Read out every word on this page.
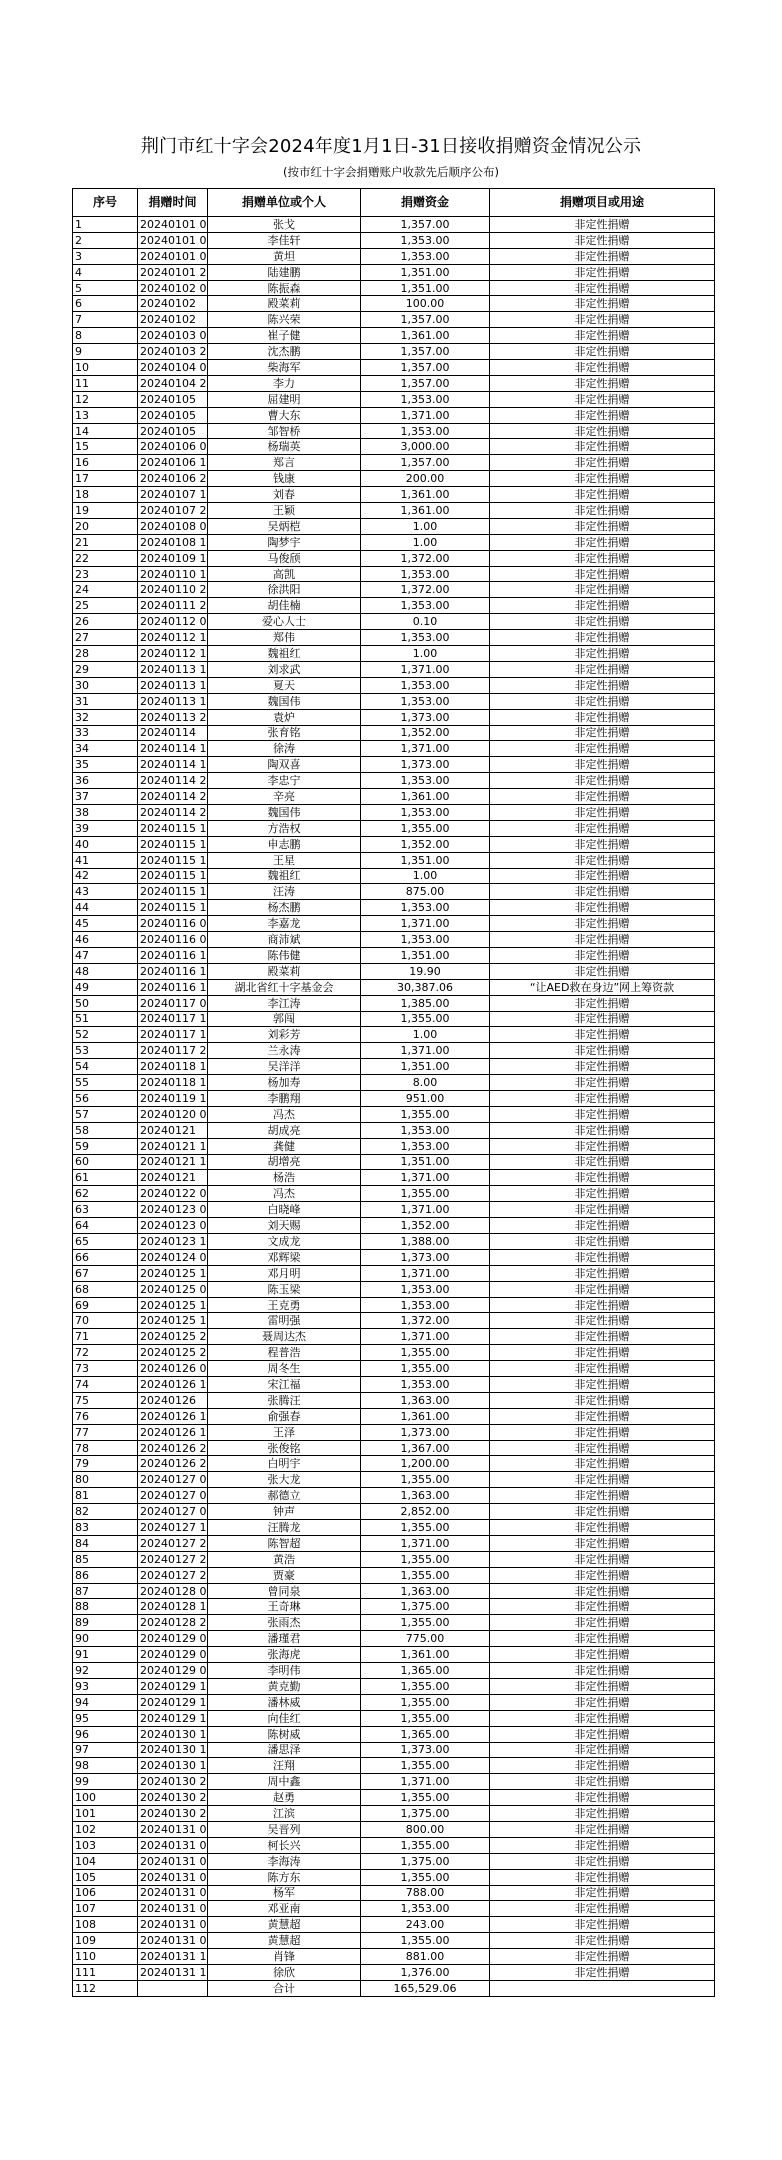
荆门市红十字会2024年度1月1日-31日接收捐赠资金情况公示
(按市红十字会捐赠账户收款先后顺序公布)
序号	捐赠时间	捐赠单位或个人	捐赠资金	捐赠项目或用途
1	20240101 0	张戈	1,357.00	非定性捐赠
2	20240101 0	李佳轩	1,353.00	非定性捐赠
3	20240101 0	黄坦	1,353.00	非定性捐赠
4	20240101 2	陆建鹏	1,351.00	非定性捐赠
5	20240102 0	陈振森	1,351.00	非定性捐赠
6	20240102	殿菜莉	100.00	非定性捐赠
7	20240102	陈兴荣	1,357.00	非定性捐赠
8	20240103 0	崔子健	1,361.00	非定性捐赠
9	20240103 2	沈杰鹏	1,357.00	非定性捐赠
10	20240104 0	柴海军	1,357.00	非定性捐赠
11	20240104 2	李力	1,357.00	非定性捐赠
12	20240105	屈建明	1,353.00	非定性捐赠
13	20240105	曹大东	1,371.00	非定性捐赠
14	20240105	邹智桥	1,353.00	非定性捐赠
15	20240106 0	杨瑞英	3,000.00	非定性捐赠
16	20240106 1	郑言	1,357.00	非定性捐赠
17	20240106 2	钱康	200.00	非定性捐赠
18	20240107 1	刘春	1,361.00	非定性捐赠
19	20240107 2	王颖	1,361.00	非定性捐赠
20	20240108 0	吴炳桤	1.00	非定性捐赠
21	20240108 1	陶梦宇	1.00	非定性捐赠
22	20240109 1	马俊颀	1,372.00	非定性捐赠
23	20240110 1	高凯	1,353.00	非定性捐赠
24	20240110 2	徐洪阳	1,372.00	非定性捐赠
25	20240111 2	胡佳楠	1,353.00	非定性捐赠
26	20240112 0	爱心人士	0.10	非定性捐赠
27	20240112 1	郑伟	1,353.00	非定性捐赠
28	20240112 1	魏祖红	1.00	非定性捐赠
29	20240113 1	刘求武	1,371.00	非定性捐赠
30	20240113 1	夏天	1,353.00	非定性捐赠
31	20240113 1	魏国伟	1,353.00	非定性捐赠
32	20240113 2	袁炉	1,373.00	非定性捐赠
33	20240114	张育铭	1,352.00	非定性捐赠
34	20240114 1	徐涛	1,371.00	非定性捐赠
35	20240114 1	陶双喜	1,373.00	非定性捐赠
36	20240114 2	李忠宁	1,353.00	非定性捐赠
37	20240114 2	辛亮	1,361.00	非定性捐赠
38	20240114 2	魏国伟	1,353.00	非定性捐赠
39	20240115 1	方浩权	1,355.00	非定性捐赠
40	20240115 1	申志鹏	1,352.00	非定性捐赠
41	20240115 1	王星	1,351.00	非定性捐赠
42	20240115 1	魏祖红	1.00	非定性捐赠
43	20240115 1	汪涛	875.00	非定性捐赠
44	20240115 1	杨杰鹏	1,353.00	非定性捐赠
45	20240116 0	李嘉龙	1,371.00	非定性捐赠
46	20240116 0	商沛斌	1,353.00	非定性捐赠
47	20240116 1	陈伟健	1,351.00	非定性捐赠
48	20240116 1	殿菜莉	19.90	非定性捐赠
49	20240116 1	湖北省红十字基金会	30,387.06	“让AED救在身边”网上筹资款
50	20240117 0	李江涛	1,385.00	非定性捐赠
51	20240117 1	郭闯	1,355.00	非定性捐赠
52	20240117 1	刘彩芳	1.00	非定性捐赠
53	20240117 2	兰永涛	1,371.00	非定性捐赠
54	20240118 1	吴洋洋	1,351.00	非定性捐赠
55	20240118 1	杨加寿	8.00	非定性捐赠
56	20240119 1	李鹏翔	951.00	非定性捐赠
57	20240120 0	冯杰	1,355.00	非定性捐赠
58	20240121	胡成亮	1,353.00	非定性捐赠
59	20240121 1	龚健	1,353.00	非定性捐赠
60	20240121 1	胡增亮	1,351.00	非定性捐赠
61	20240121	杨浩	1,371.00	非定性捐赠
62	20240122 0	冯杰	1,355.00	非定性捐赠
63	20240123 0	白晓峰	1,371.00	非定性捐赠
64	20240123 0	刘天赐	1,352.00	非定性捐赠
65	20240123 1	文成龙	1,388.00	非定性捐赠
66	20240124 0	邓辉梁	1,373.00	非定性捐赠
67	20240125 1	邓月明	1,371.00	非定性捐赠
68	20240125 0	陈玉梁	1,353.00	非定性捐赠
69	20240125 1	王克勇	1,353.00	非定性捐赠
70	20240125 1	雷明强	1,372.00	非定性捐赠
71	20240125 2	聂周达杰	1,371.00	非定性捐赠
72	20240125 2	程普浩	1,355.00	非定性捐赠
73	20240126 0	周冬生	1,355.00	非定性捐赠
74	20240126 1	宋江福	1,353.00	非定性捐赠
75	20240126	张腾汪	1,363.00	非定性捐赠
76	20240126 1	俞强春	1,361.00	非定性捐赠
77	20240126 1	王泽	1,373.00	非定性捐赠
78	20240126 2	张俊铭	1,367.00	非定性捐赠
79	20240126 2	白明宇	1,200.00	非定性捐赠
80	20240127 0	张大龙	1,355.00	非定性捐赠
81	20240127 0	郝德立	1,363.00	非定性捐赠
82	20240127 0	钟声	2,852.00	非定性捐赠
83	20240127 1	汪腾龙	1,355.00	非定性捐赠
84	20240127 2	陈智超	1,371.00	非定性捐赠
85	20240127 2	黄浩	1,355.00	非定性捐赠
86	20240127 2	贾豪	1,355.00	非定性捐赠
87	20240128 0	曾同泉	1,363.00	非定性捐赠
88	20240128 1	王奇琳	1,375.00	非定性捐赠
89	20240128 2	张雨杰	1,355.00	非定性捐赠
90	20240129 0	潘瑾君	775.00	非定性捐赠
91	20240129 0	张海虎	1,361.00	非定性捐赠
92	20240129 0	李明伟	1,365.00	非定性捐赠
93	20240129 1	黄克勤	1,355.00	非定性捐赠
94	20240129 1	潘林威	1,355.00	非定性捐赠
95	20240129 1	向佳红	1,355.00	非定性捐赠
96	20240130 1	陈树威	1,365.00	非定性捐赠
97	20240130 1	潘思泽	1,373.00	非定性捐赠
98	20240130 1	汪翔	1,355.00	非定性捐赠
99	20240130 2	周中鑫	1,371.00	非定性捐赠
100	20240130 2	赵勇	1,355.00	非定性捐赠
101	20240130 2	江滨	1,375.00	非定性捐赠
102	20240131 0	吴晋列	800.00	非定性捐赠
103	20240131 0	柯长兴	1,355.00	非定性捐赠
104	20240131 0	李海涛	1,375.00	非定性捐赠
105	20240131 0	陈方东	1,355.00	非定性捐赠
106	20240131 0	杨军	788.00	非定性捐赠
107	20240131 0	邓亚南	1,353.00	非定性捐赠
108	20240131 0	黄慧超	243.00	非定性捐赠
109	20240131 0	黄慧超	1,355.00	非定性捐赠
110	20240131 1	肖锋	881.00	非定性捐赠
111	20240131 1	徐欣	1,376.00	非定性捐赠
112		合计	165,529.06	
